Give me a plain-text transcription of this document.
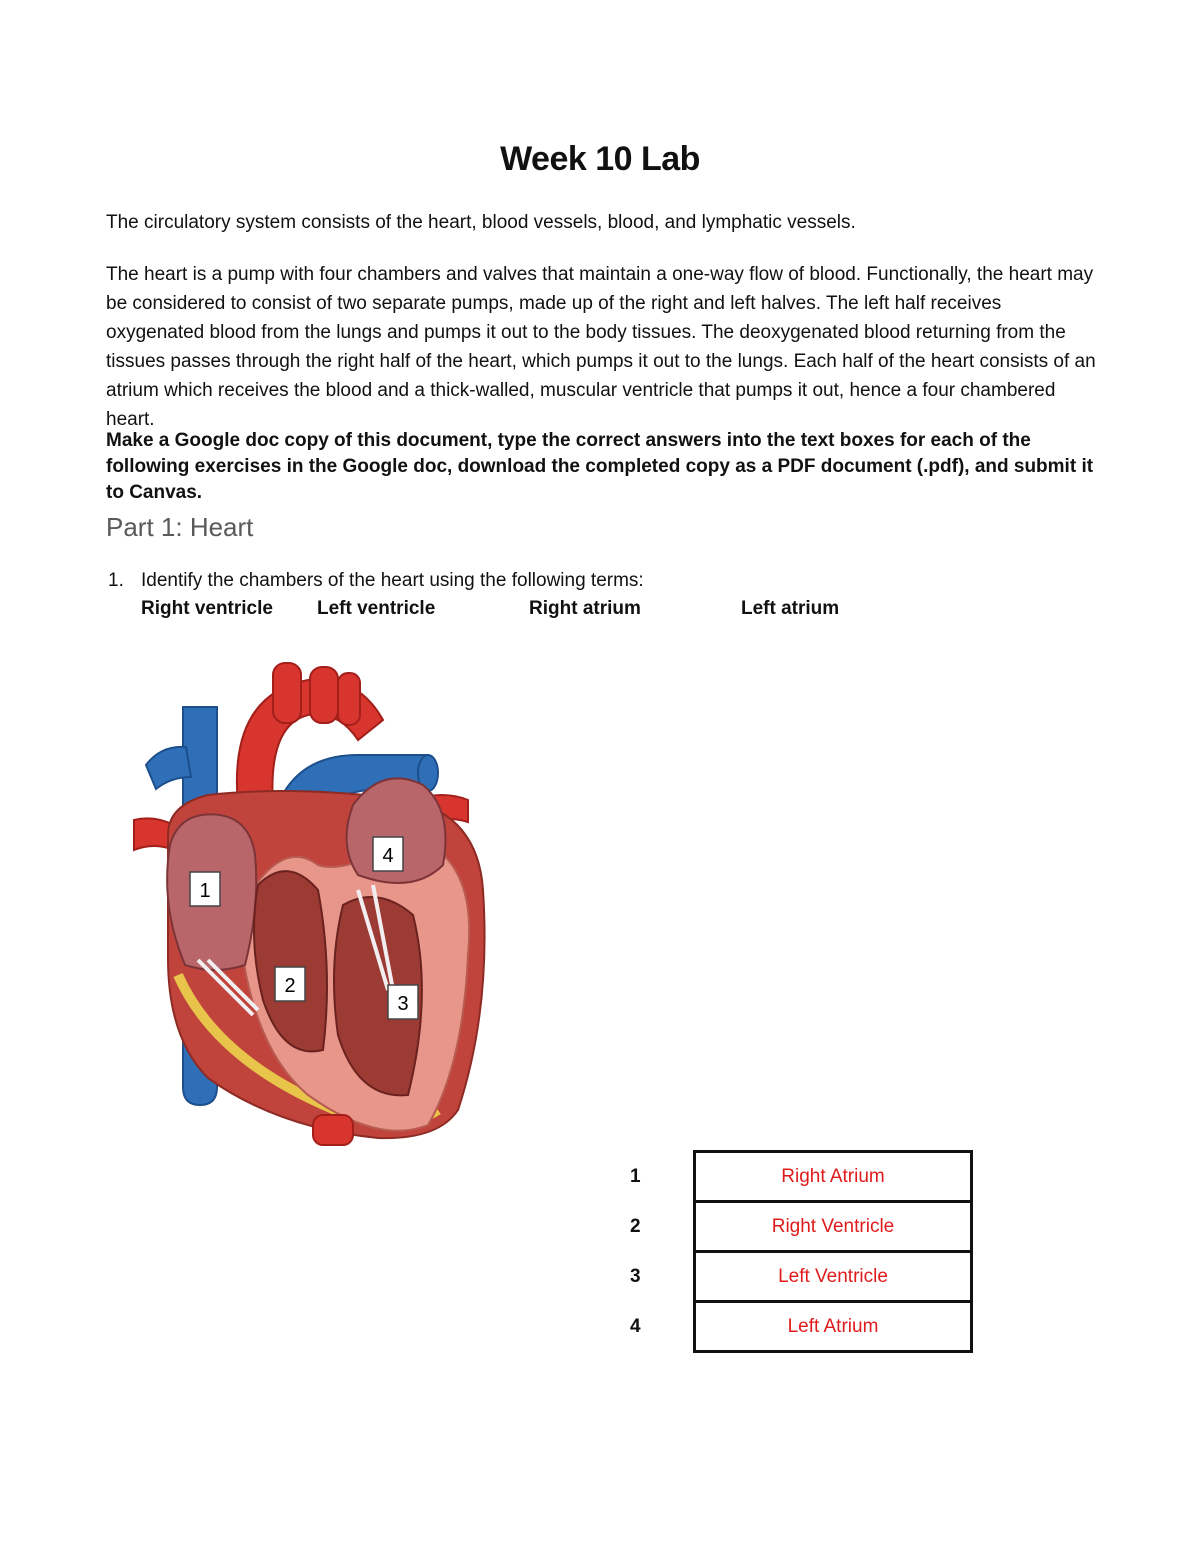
Week 10 Lab

The circulatory system consists of the heart, blood vessels, blood, and lymphatic vessels.

The heart is a pump with four chambers and valves that maintain a one-way flow of blood. Functionally, the heart may be considered to consist of two separate pumps, made up of the right and left halves. The left half receives oxygenated blood from the lungs and pumps it out to the body tissues. The deoxygenated blood returning from the tissues passes through the right half of the heart, which pumps it out to the lungs. Each half of the heart consists of an atrium which receives the blood and a thick-walled, muscular ventricle that pumps it out, hence a four chambered heart.

Make a Google doc copy of this document, type the correct answers into the text boxes for each of the following exercises in the Google doc, download the completed copy as a PDF document (.pdf), and submit it to Canvas.

Part 1: Heart
1. Identify the chambers of the heart using the following terms:
Right ventricle Left ventricle	Right atrium	Left atrium
1
2
3
4
1	Right Atrium
2	Right Ventricle
3	Left Ventricle
4	Left Atrium
